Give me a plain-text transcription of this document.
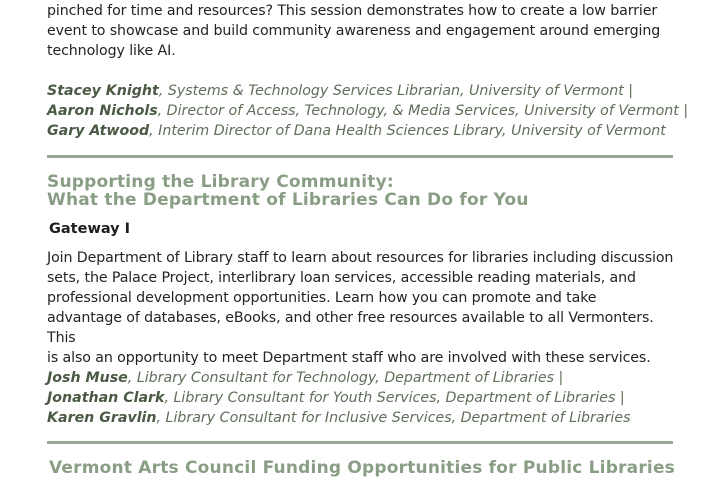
pinched for time and resources? This session demonstrates how to create a low barrier

event to showcase and build community awareness and engagement around emerging

technology like AI.

Stacey Knight, Systems & Technology Services Librarian, University of Vermont |
Aaron Nichols, Director of Access, Technology, & Media Services, University of Vermont |
Gary Atwood, Interim Director of Dana Health Sciences Library, University of Vermont

Supporting the Library Community:

What the Department of Libraries Can Do for You

Gateway I

Join Department of Library staff to learn about resources for libraries including discussion

sets, the Palace Project, interlibrary loan services, accessible reading materials, and

professional development opportunities. Learn how you can promote and take

advantage of databases, eBooks, and other free resources available to all Vermonters. This

is also an opportunity to meet Department staff who are involved with these services.

Josh Muse, Library Consultant for Technology, Department of Libraries |
Jonathan Clark, Library Consultant for Youth Services, Department of Libraries |
Karen Gravlin, Library Consultant for Inclusive Services, Department of Libraries

Vermont Arts Council Funding Opportunities for Public Libraries
